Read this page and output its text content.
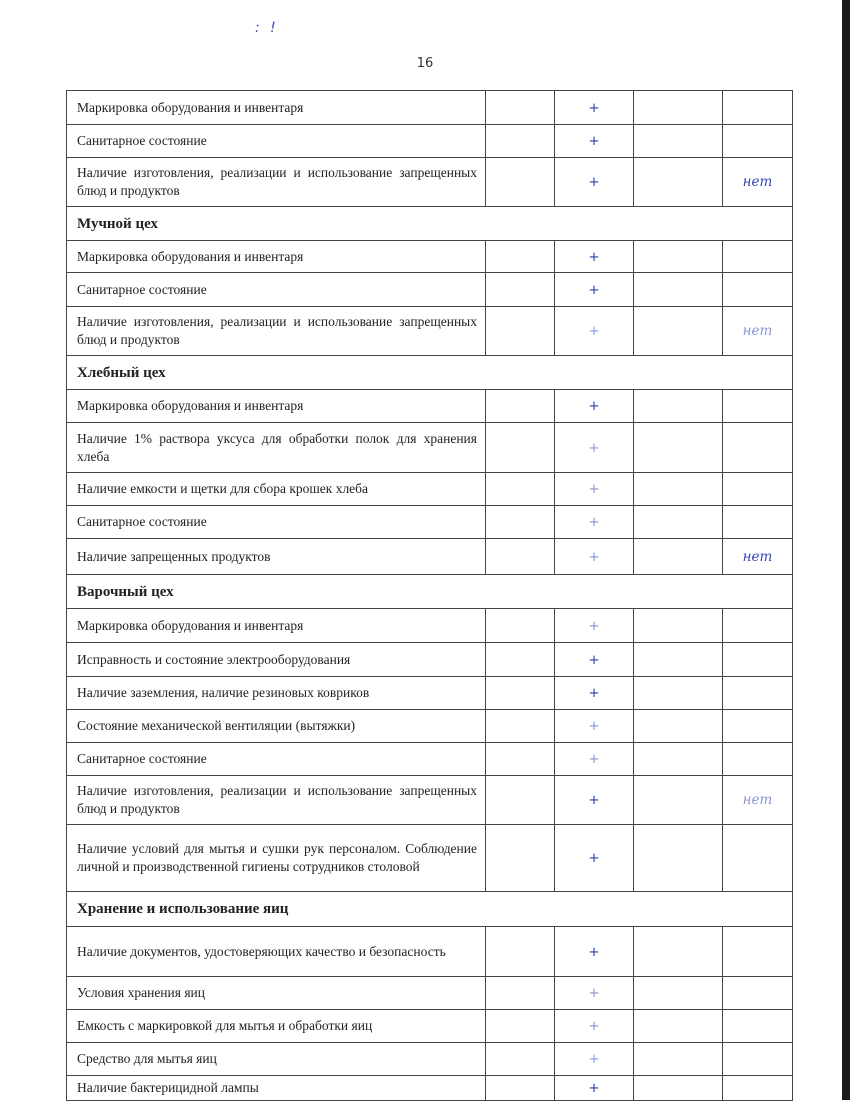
: !
16
Маркировка оборудования и инвентаря		+		
Санитарное состояние		+		
Наличие изготовления, реализации и использование запрещенных блюд и продуктов		+		нет
Мучной цех				
Маркировка оборудования и инвентаря		+		
Санитарное состояние		+		
Наличие изготовления, реализации и использование запрещенных блюд и продуктов		+		нет
Хлебный цех				
Маркировка оборудования и инвентаря		+		
Наличие 1% раствора уксуса для обработки полок для хранения хлеба		+		
Наличие емкости и щетки для сбора крошек хлеба		+		
Санитарное состояние		+		
Наличие запрещенных продуктов		+		нет
Варочный цех				
Маркировка оборудования и инвентаря		+		
Исправность и состояние электрооборудования		+		
Наличие заземления, наличие резиновых ковриков		+		
Состояние механической вентиляции (вытяжки)		+		
Санитарное состояние		+		
Наличие изготовления, реализации и использование запрещенных блюд и продуктов		+		нет
Наличие условий для мытья и сушки рук персоналом. Соблюдение личной и производственной гигиены сотрудников столовой		+		
Хранение и использование яиц				
Наличие документов, удостоверяющих качество и безопасность		+		
Условия хранения яиц		+		
Емкость с маркировкой для мытья и обработки яиц		+		
Средство для мытья яиц		+		
Наличие бактерицидной лампы		+		
